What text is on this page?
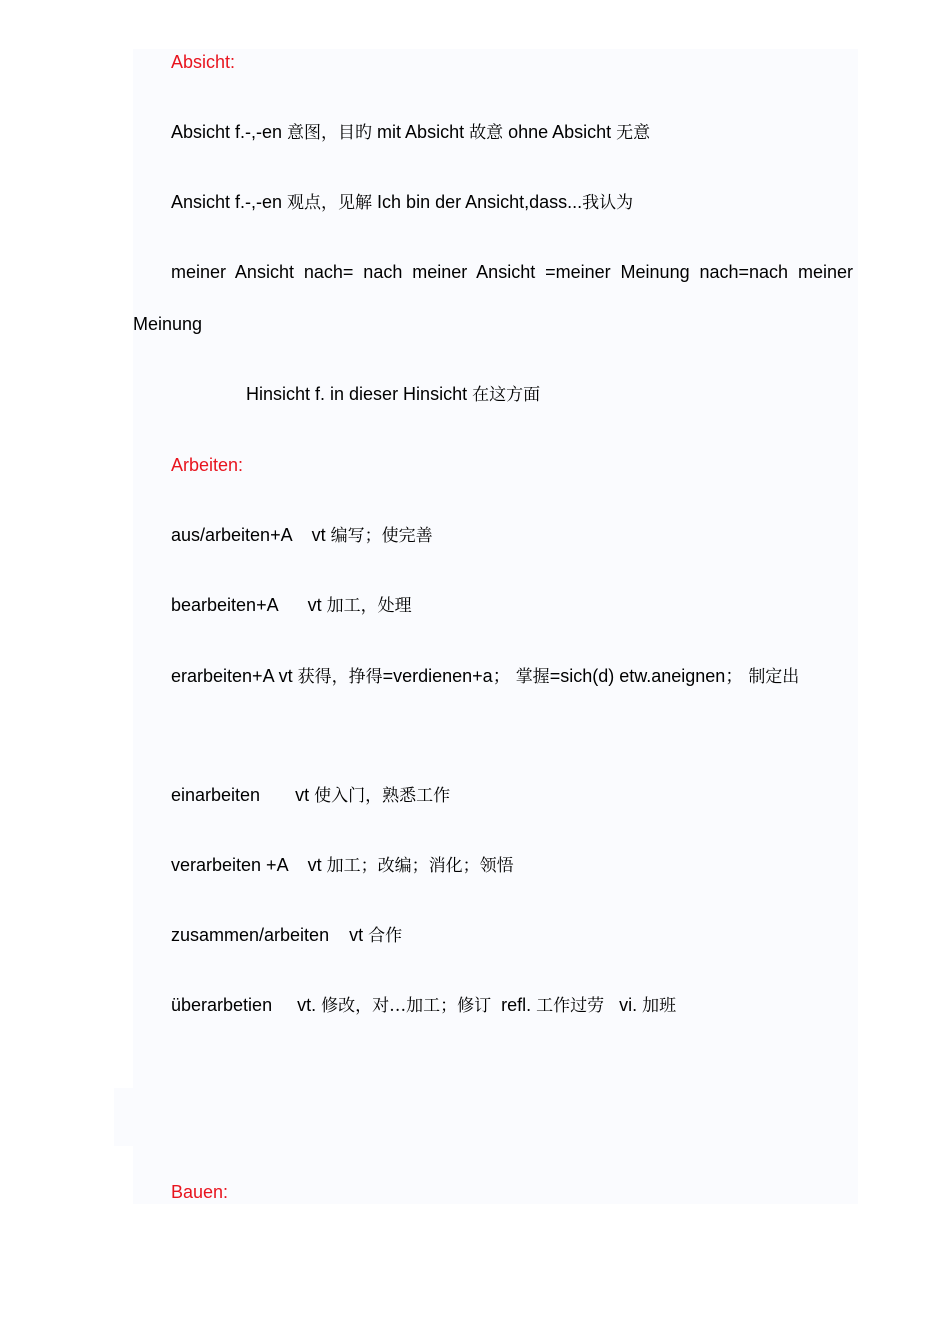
Absicht:
Absicht f.-,-en 意图，目旳 mit Absicht 故意 ohne Absicht 无意
Ansicht f.-,-en 观点，见解 Ich bin der Ansicht,dass...我认为
meiner Ansicht nach= nach meiner Ansicht =meiner Meinung nach=nach meiner Meinung
Hinsicht f. in dieser Hinsicht 在这方面
Arbeiten:
aus/arbeiten+A    vt 编写；使完善
bearbeiten+A      vt 加工，处理
erarbeiten+A vt 获得，挣得=verdienen+a； 掌握=sich(d) etw.aneignen； 制定出
einarbeiten       vt 使入门，熟悉工作
verarbeiten +A    vt 加工；改编；消化；领悟
zusammen/arbeiten    vt 合作
überarbetien     vt. 修改，对…加工；修订  refl. 工作过劳   vi. 加班
Bauen:
